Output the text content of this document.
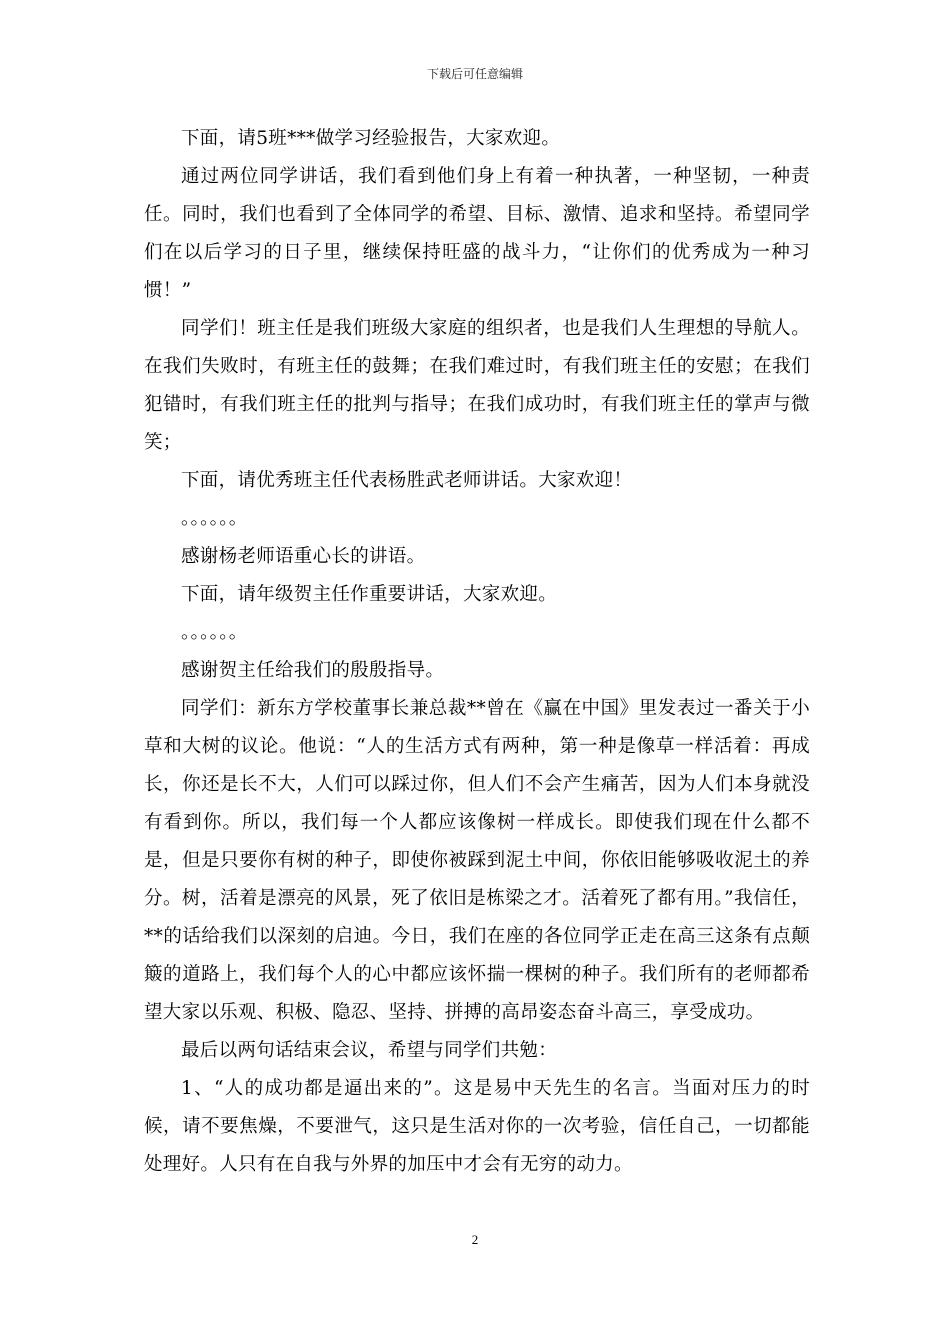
下载后可任意编辑

下面，请5班***做学习经验报告，大家欢迎。

通过两位同学讲话，我们看到他们身上有着一种执著，一种坚韧，一种责任。同时，我们也看到了全体同学的希望、目标、激情、追求和坚持。希望同学们在以后学习的日子里，继续保持旺盛的战斗力，“让你们的优秀成为一种习惯！”

同学们！班主任是我们班级大家庭的组织者，也是我们人生理想的导航人。在我们失败时，有班主任的鼓舞；在我们难过时，有我们班主任的安慰；在我们犯错时，有我们班主任的批判与指导；在我们成功时，有我们班主任的掌声与微笑；

下面，请优秀班主任代表杨胜武老师讲话。大家欢迎！

。。。。。。

感谢杨老师语重心长的讲语。

下面，请年级贺主任作重要讲话，大家欢迎。

。。。。。。

感谢贺主任给我们的殷殷指导。

同学们：新东方学校董事长兼总裁**曾在《赢在中国》里发表过一番关于小草和大树的议论。他说：“人的生活方式有两种，第一种是像草一样活着：再成长，你还是长不大，人们可以踩过你，但人们不会产生痛苦，因为人们本身就没有看到你。所以，我们每一个人都应该像树一样成长。即使我们现在什么都不是，但是只要你有树的种子，即使你被踩到泥土中间，你依旧能够吸收泥土的养分。树，活着是漂亮的风景，死了依旧是栋梁之才。活着死了都有用。”我信任，**的话给我们以深刻的启迪。今日，我们在座的各位同学正走在高三这条有点颠簸的道路上，我们每个人的心中都应该怀揣一棵树的种子。我们所有的老师都希望大家以乐观、积极、隐忍、坚持、拼搏的高昂姿态奋斗高三，享受成功。

最后以两句话结束会议，希望与同学们共勉：

1、“人的成功都是逼出来的”。这是易中天先生的名言。当面对压力的时候，请不要焦燥，不要泄气，这只是生活对你的一次考验，信任自己，一切都能处理好。人只有在自我与外界的加压中才会有无穷的动力。

2
